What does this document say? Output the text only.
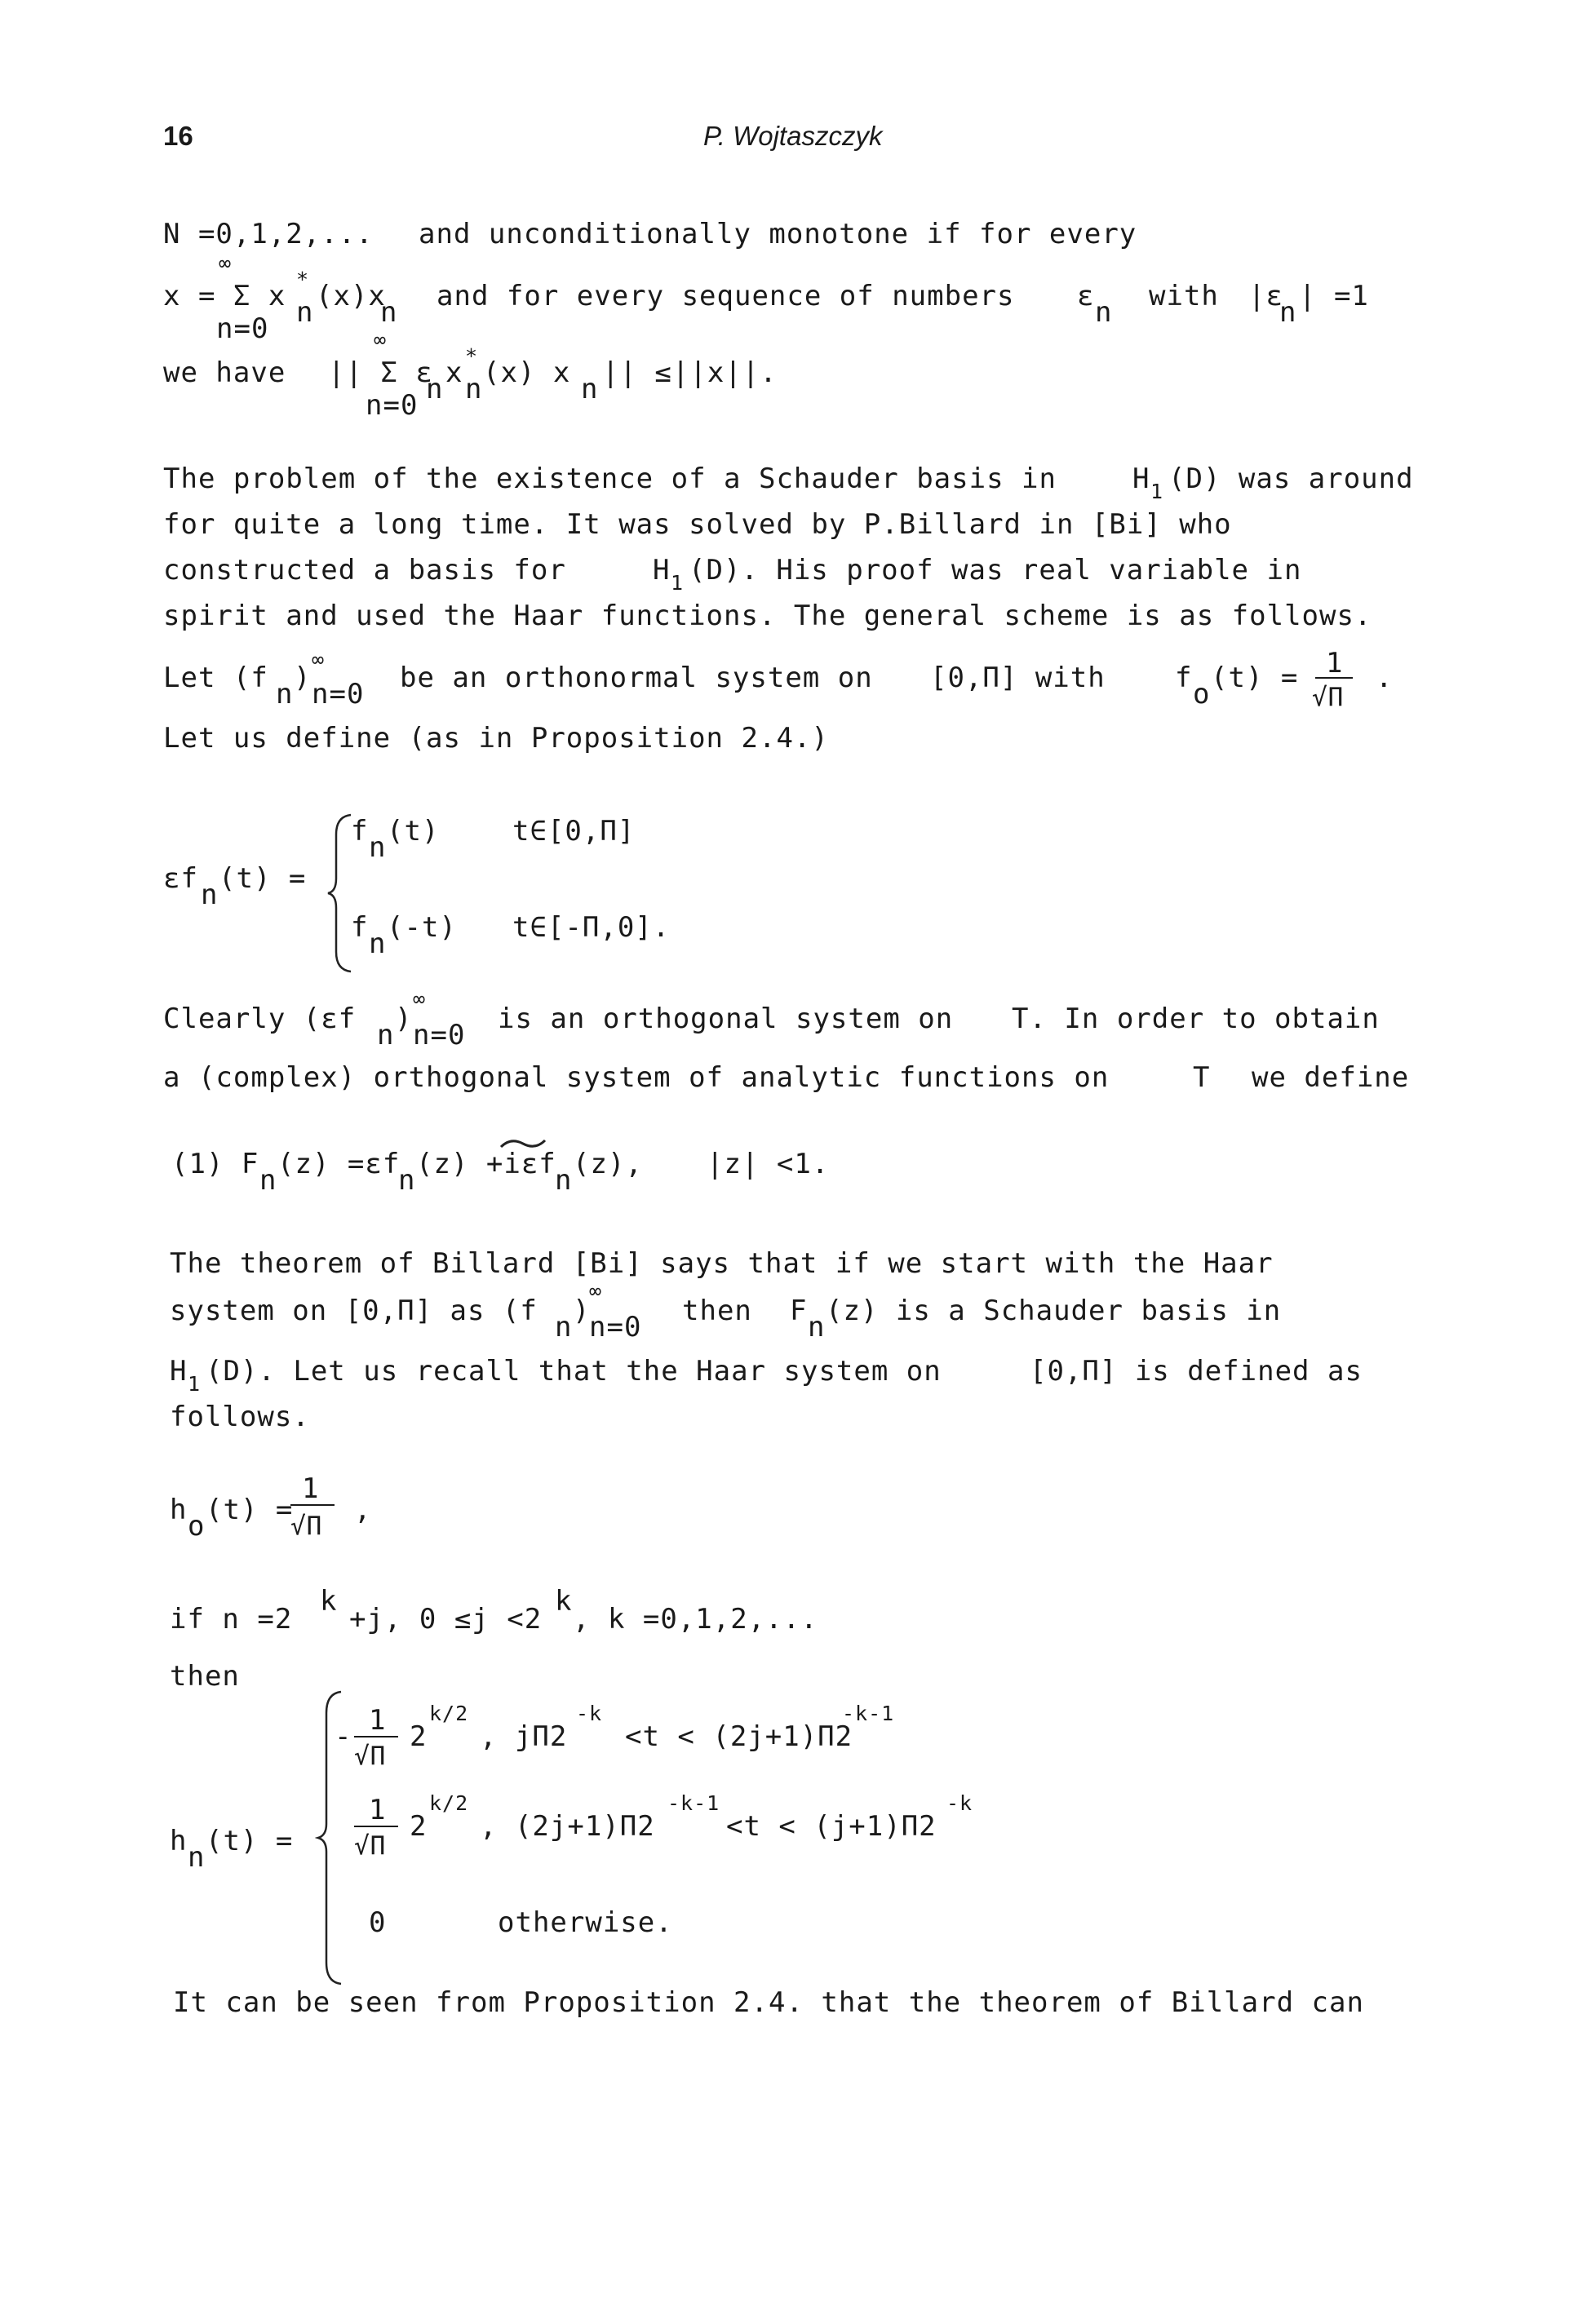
16	P. Wojtaszczyk
N =0,1,2,... and unconditionally monotone if for every
∞
x = Σ x
*
n (x)x
n and for every sequence of numbers ε n with |ε
n | =1
n=0	∞
we have || Σ ε
n x n
*
(x) x n || ≤||x||.
n=0
The problem of the existence of a Schauder basis in	H 1 (D) was around
for quite a long time. It was solved by P.Billard in [Bi] who
constructed a basis for	H 1 (D). His proof was real variable in
spirit and used the Haar functions. The general scheme is as follows.
Let (f n )
∞
n=0 be an orthonormal system on [0,Π] with	f o (t) = 1
√Π
.
Let us define (as in Proposition 2.4.)
εf n (t) =
f n (t)	t∈[0,Π]
f n (-t) t∈[-Π,0].
Clearly (εf n )
∞
n=0 is an orthogonal system on T. In order to obtain
a (complex) orthogonal system of analytic functions on	T we define
(1) F n (z) =εf
n (z) +iεf
n (z), |z| <1.
The theorem of Billard [Bi] says that if we start with the Haar
system on [0,Π] as (f n )
∞
n=0 then F n (z) is a Schauder basis in
H 1 (D). Let us recall that the Haar system on	[0,Π] is defined as
follows.
h o (t) =
1
√Π ,
if n =2
k
+j, 0 ≤j <2
k
, k =0,1,2,...
then
h n (t) =
- 1
√Π
2
k/2
, jΠ2
-k
<t < (2j+1)Π2
-k-1
1
√Π
2
k/2
, (2j+1)Π2
-k-1
<t < (j+1)Π2
-k
0	otherwise.
It can be seen from Proposition 2.4. that the theorem of Billard can
